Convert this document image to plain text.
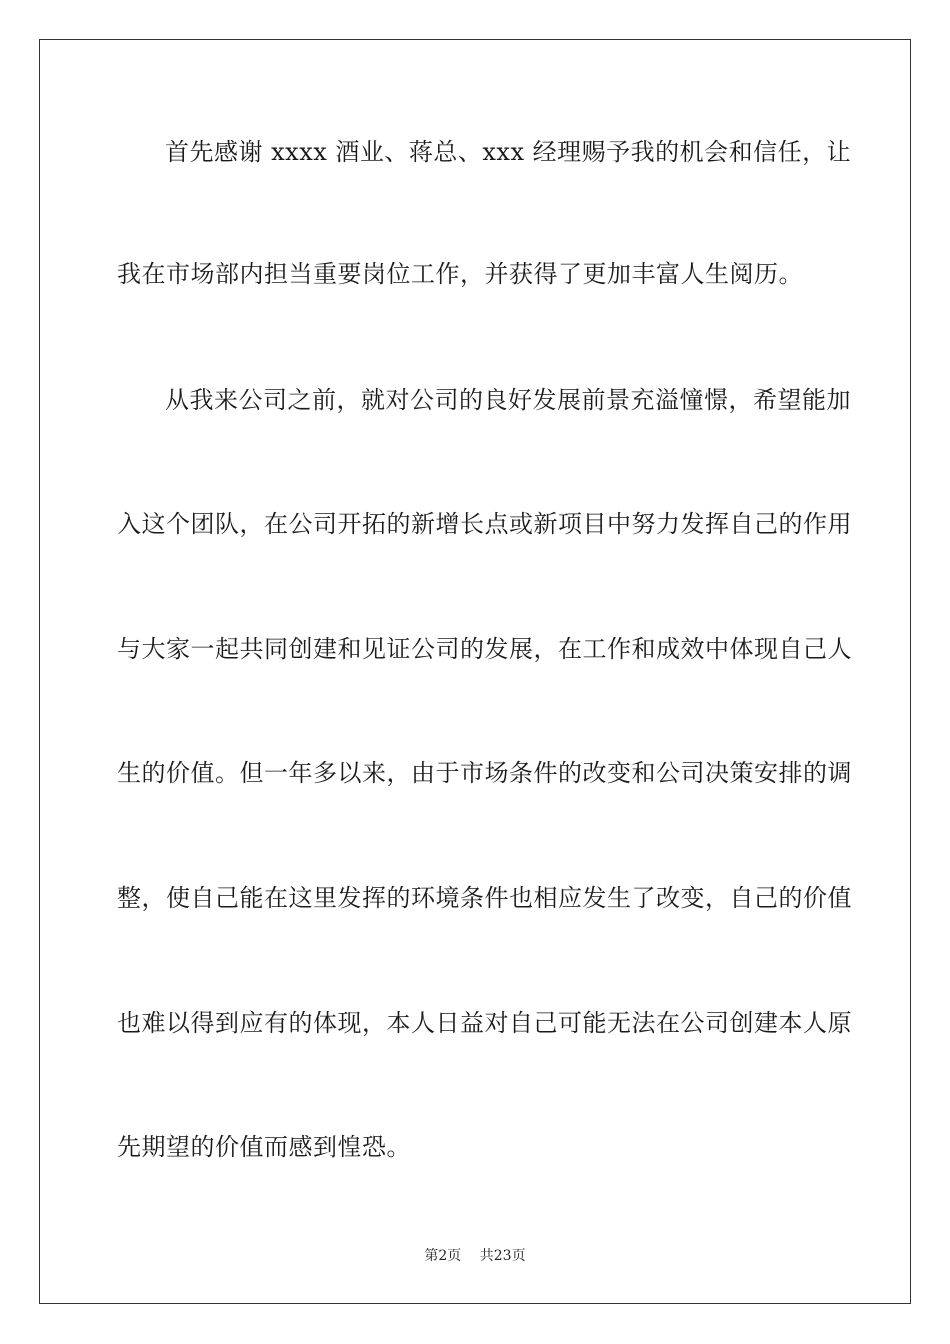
首先感谢 xxxx 酒业、蒋总、xxx 经理赐予我的机会和信任，让
我在市场部内担当重要岗位工作，并获得了更加丰富人生阅历。
从我来公司之前，就对公司的良好发展前景充溢憧憬，希望能加
入这个团队，在公司开拓的新增长点或新项目中努力发挥自己的作用
与大家一起共同创建和见证公司的发展，在工作和成效中体现自己人
生的价值。但一年多以来，由于市场条件的改变和公司决策安排的调
整，使自己能在这里发挥的环境条件也相应发生了改变，自己的价值
也难以得到应有的体现，本人日益对自己可能无法在公司创建本人原
先期望的价值而感到惶恐。
第2页 共23页
